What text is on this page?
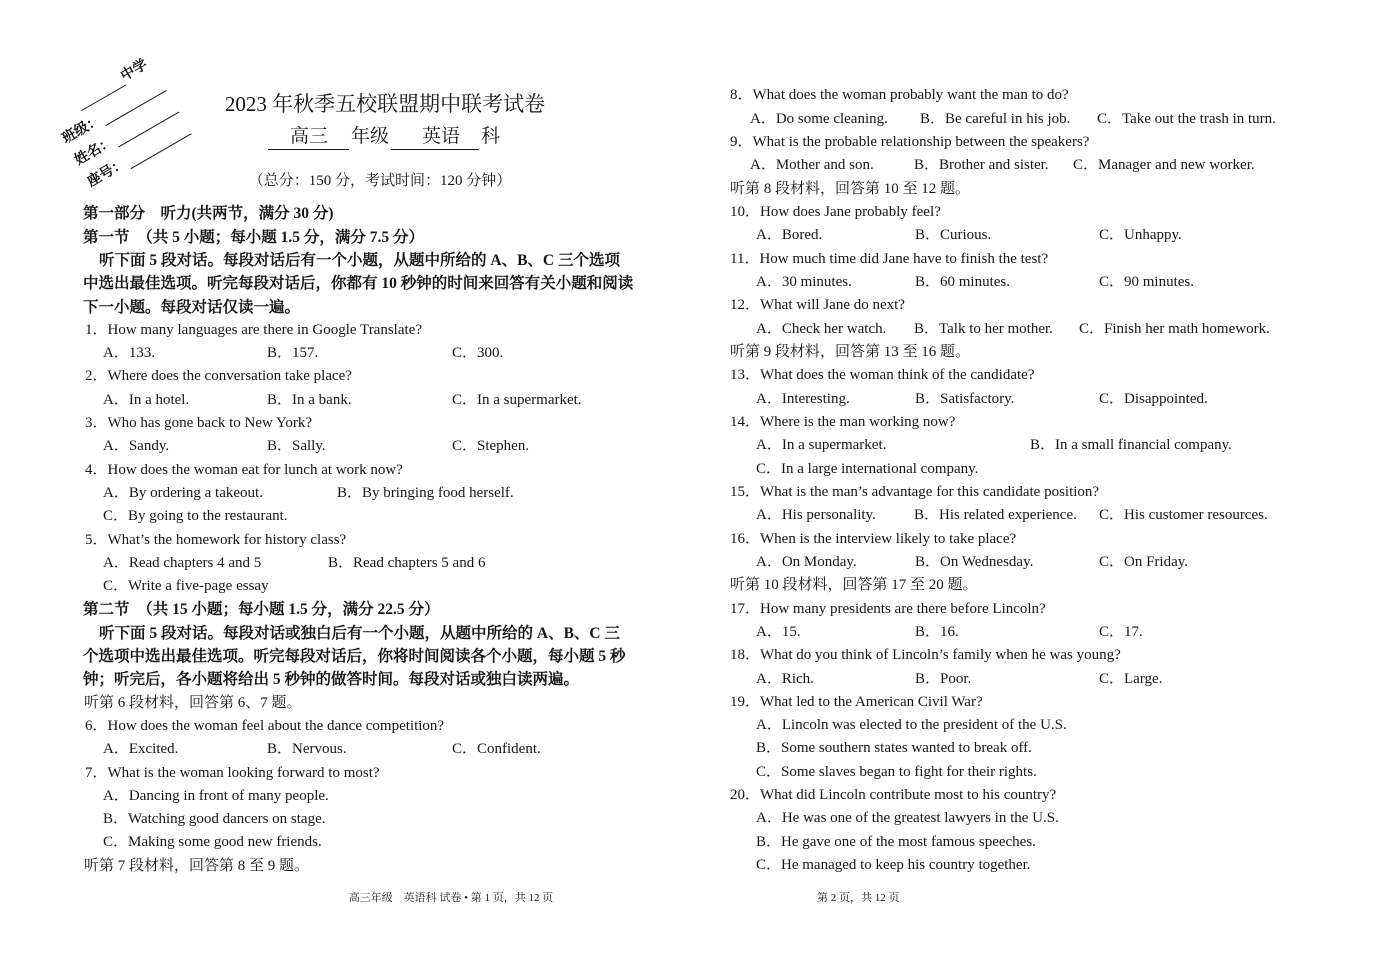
中学
班级：
姓名：
座号：
2023 年秋季五校联盟期中联考试卷
高三 年级 英语 科
（总分：150 分，考试时间：120 分钟）
第一部分　听力(共两节，满分 30 分)
第一节　（共 5 小题；每小题 1.5 分，满分 7.5 分）
听下面 5 段对话。每段对话后有一个小题，从题中所给的 A、B、C 三个选项
中选出最佳选项。听完每段对话后，你都有 10 秒钟的时间来回答有关小题和阅读
下一小题。每段对话仅读一遍。
1．How many languages are there in Google Translate?
A．133.	B．157.	C．300.
2．Where does the conversation take place?
A．In a hotel.	B．In a bank.	C．In a supermarket.
3．Who has gone back to New York?
A．Sandy.	B．Sally.	C．Stephen.
4．How does the woman eat for lunch at work now?
A．By ordering a takeout.	B．By bringing food herself.
C．By going to the restaurant.
5．What’s the homework for history class?
A．Read chapters 4 and 5	B．Read chapters 5 and 6
C．Write a five-page essay
第二节　（共 15 小题；每小题 1.5 分，满分 22.5 分）
听下面 5 段对话。每段对话或独白后有一个小题，从题中所给的 A、B、C 三
个选项中选出最佳选项。听完每段对话后，你将时间阅读各个小题，每小题 5 秒
钟；听完后，各小题将给出 5 秒钟的做答时间。每段对话或独白读两遍。
听第 6 段材料，回答第 6、7 题。
6．How does the woman feel about the dance competition?
A．Excited.	B．Nervous.	C．Confident.
7．What is the woman looking forward to most?
A．Dancing in front of many people.
B．Watching good dancers on stage.
C．Making some good new friends.
听第 7 段材料，回答第 8 至 9 题。
8．What does the woman probably want the man to do?
A．Do some cleaning. B．Be careful in his job. C．Take out the trash in turn.
9．What is the probable relationship between the speakers?
A．Mother and son.	B．Brother and sister. C．Manager and new worker.
听第 8 段材料，回答第 10 至 12 题。
10．How does Jane probably feel?
A．Bored.	B．Curious.	C．Unhappy.
11．How much time did Jane have to finish the test?
A．30 minutes.	B．60 minutes.	C．90 minutes.
12．What will Jane do next?
A．Check her watch. B．Talk to her mother. C．Finish her math homework.
听第 9 段材料，回答第 13 至 16 题。
13．What does the woman think of the candidate?
A．Interesting.	B．Satisfactory.	C．Disappointed.
14．Where is the man working now?
A．In a supermarket.	B．In a small financial company.
C．In a large international company.
15．What is the man’s advantage for this candidate position?
A．His personality.	B．His related experience. C．His customer resources.
16．When is the interview likely to take place?
A．On Monday.	B．On Wednesday.	C．On Friday.
听第 10 段材料，回答第 17 至 20 题。
17．How many presidents are there before Lincoln?
A．15.	B．16.	C．17.
18．What do you think of Lincoln’s family when he was young?
A．Rich.	B．Poor.	C．Large.
19．What led to the American Civil War?
A．Lincoln was elected to the president of the U.S.
B．Some southern states wanted to break off.
C．Some slaves began to fight for their rights.
20．What did Lincoln contribute most to his country?
A．He was one of the greatest lawyers in the U.S.
B．He gave one of the most famous speeches.
C．He managed to keep his country together.
高三年级　英语科 试卷 • 第 1 页，共 12 页	第 2 页，共 12 页
